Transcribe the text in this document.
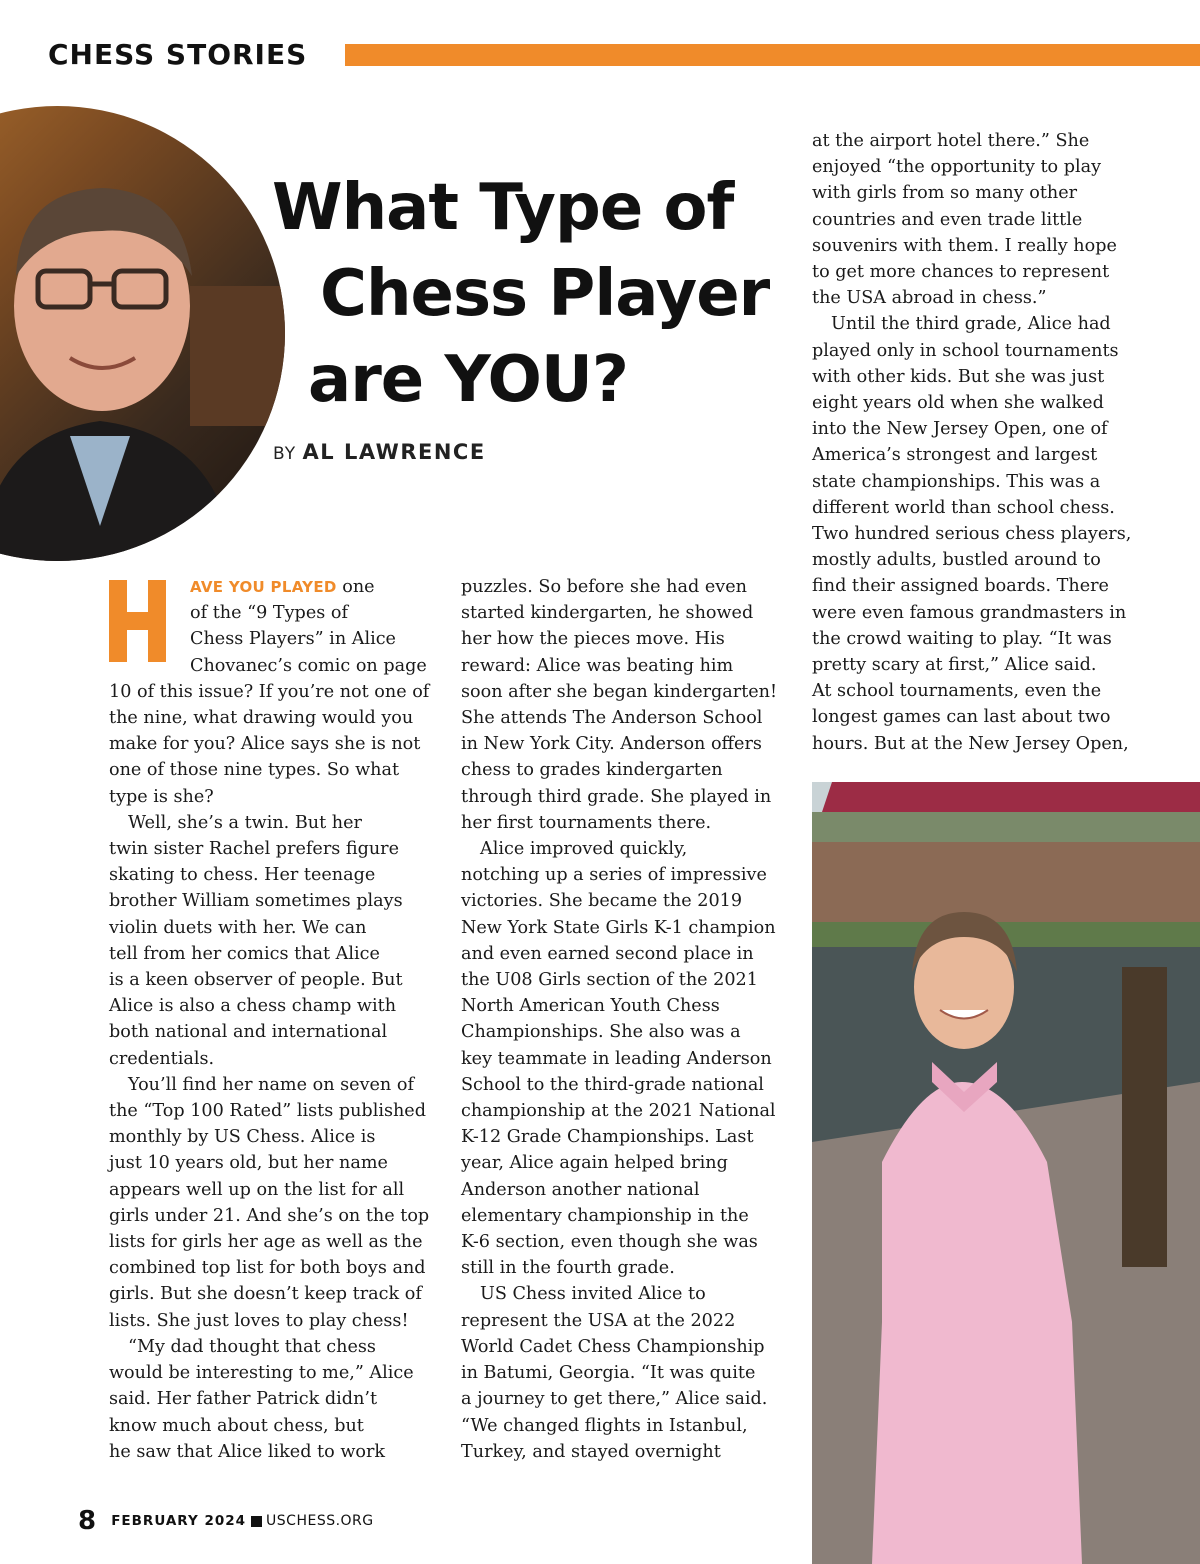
CHESS STORIES
What Type of
Chess Player
are YOU?
BY AL LAWRENCE
AVE YOU PLAYED one
of the “9 Types of
Chess Players” in Alice
Chovanec’s comic on page
10 of this issue? If you’re not one of
the nine, what drawing would you
make for you? Alice says she is not
one of those nine types. So what
type is she?
Well, she’s a twin. But her
twin sister Rachel prefers figure
skating to chess. Her teenage
brother William sometimes plays
violin duets with her. We can
tell from her comics that Alice
is a keen observer of people. But
Alice is also a chess champ with
both national and international
credentials.
You’ll find her name on seven of
the “Top 100 Rated” lists published
monthly by US Chess. Alice is
just 10 years old, but her name
appears well up on the list for all
girls under 21. And she’s on the top
lists for girls her age as well as the
combined top list for both boys and
girls. But she doesn’t keep track of
lists. She just loves to play chess!
“My dad thought that chess
would be interesting to me,” Alice
said. Her father Patrick didn’t
know much about chess, but
he saw that Alice liked to work
puzzles. So before she had even
started kindergarten, he showed
her how the pieces move. His
reward: Alice was beating him
soon after she began kindergarten!
She attends The Anderson School
in New York City. Anderson offers
chess to grades kindergarten
through third grade. She played in
her first tournaments there.
Alice improved quickly,
notching up a series of impressive
victories. She became the 2019
New York State Girls K-1 champion
and even earned second place in
the U08 Girls section of the 2021
North American Youth Chess
Championships. She also was a
key teammate in leading Anderson
School to the third-grade national
championship at the 2021 National
K-12 Grade Championships. Last
year, Alice again helped bring
Anderson another national
elementary championship in the
K-6 section, even though she was
still in the fourth grade.
US Chess invited Alice to
represent the USA at the 2022
World Cadet Chess Championship
in Batumi, Georgia. “It was quite
a journey to get there,” Alice said.
“We changed flights in Istanbul,
Turkey, and stayed overnight
at the airport hotel there.” She
enjoyed “the opportunity to play
with girls from so many other
countries and even trade little
souvenirs with them. I really hope
to get more chances to represent
the USA abroad in chess.”
Until the third grade, Alice had
played only in school tournaments
with other kids. But she was just
eight years old when she walked
into the New Jersey Open, one of
America’s strongest and largest
state championships. This was a
different world than school chess.
Two hundred serious chess players,
mostly adults, bustled around to
find their assigned boards. There
were even famous grandmasters in
the crowd waiting to play. “It was
pretty scary at first,” Alice said.
At school tournaments, even the
longest games can last about two
hours. But at the New Jersey Open,
8 FEBRUARY 2024 USCHESS.ORG
